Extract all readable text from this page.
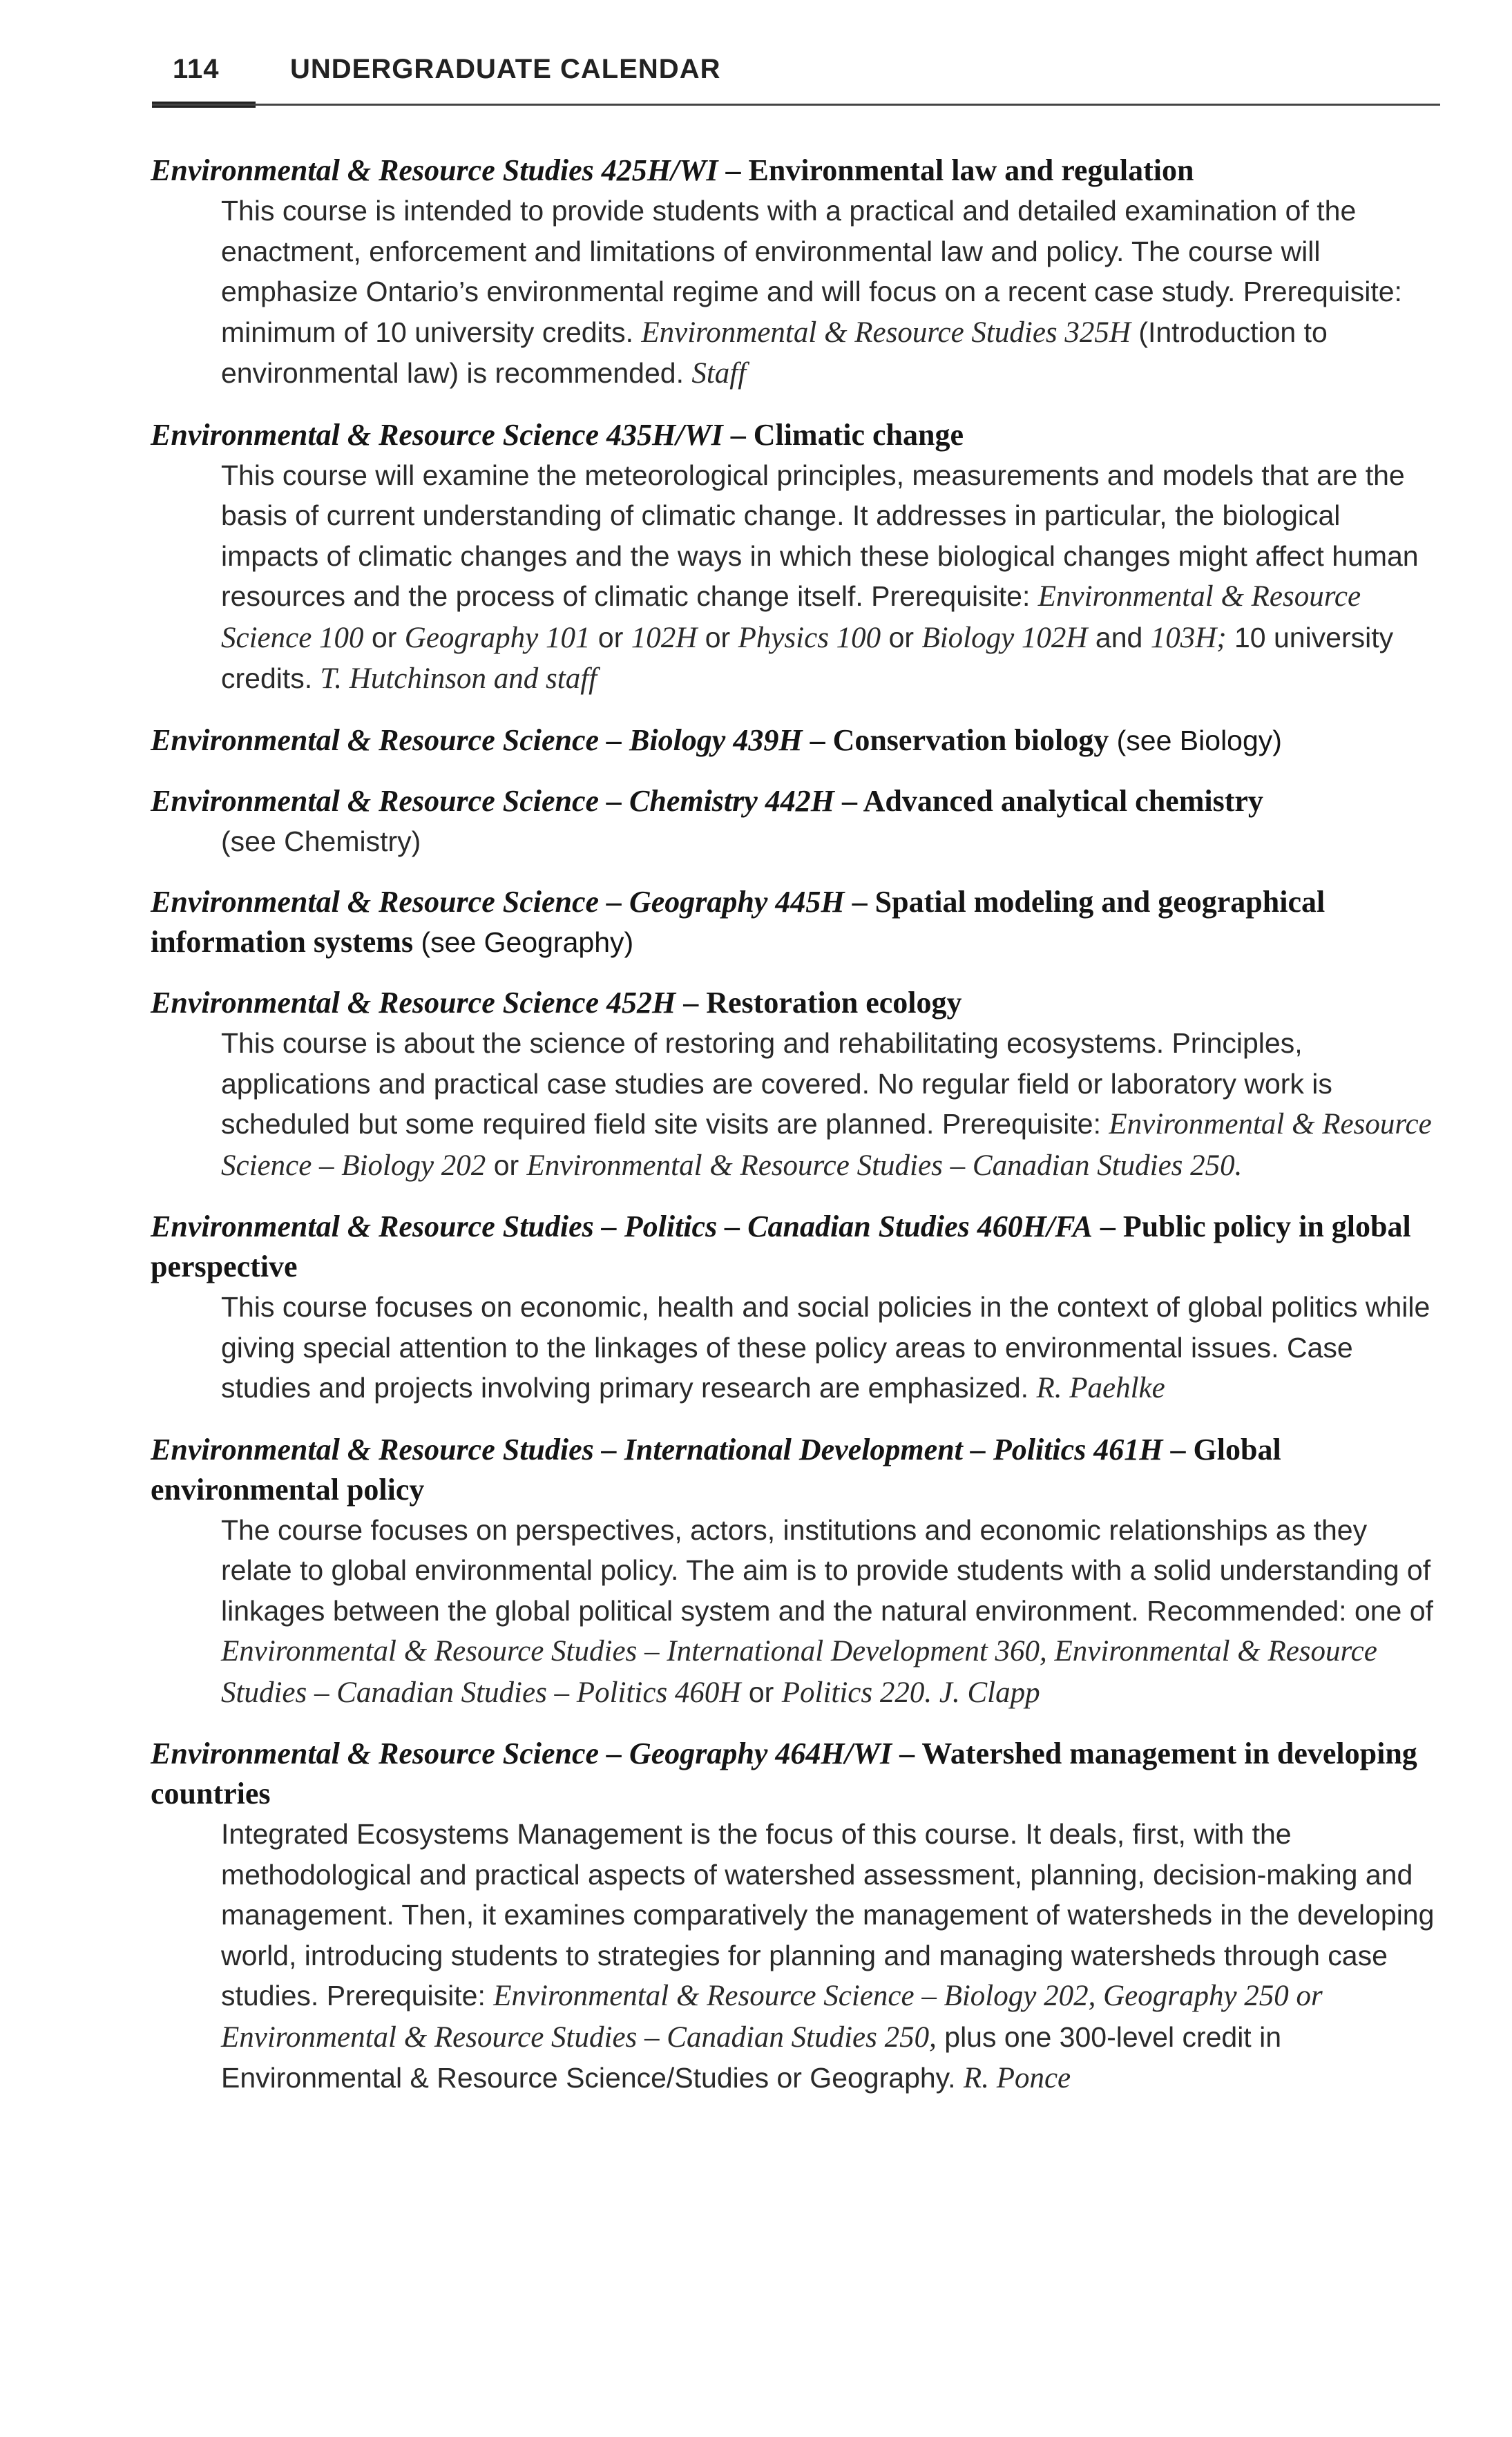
114	UNDERGRADUATE CALENDAR
Environmental & Resource Studies 425H/WI – Environmental law and regulation
This course is intended to provide students with a practical and detailed examination of the enactment, enforcement and limitations of environmental law and policy. The course will emphasize Ontario’s environmental regime and will focus on a recent case study. Prerequisite: minimum of 10 university credits. Environmental & Resource Studies 325H (Introduction to environmental law) is recommended. Staff
Environmental & Resource Science 435H/WI – Climatic change
This course will examine the meteorological principles, measurements and models that are the basis of current understanding of climatic change. It addresses in particular, the biological impacts of climatic changes and the ways in which these biological changes might affect human resources and the process of climatic change itself. Prerequisite: Environmental & Resource Science 100 or Geography 101 or 102H or Physics 100 or Biology 102H and 103H; 10 university credits. T. Hutchinson and staff
Environmental & Resource Science – Biology 439H – Conservation biology (see Biology)
Environmental & Resource Science – Chemistry 442H – Advanced analytical chemistry
(see Chemistry)
Environmental & Resource Science – Geography 445H – Spatial modeling and geographical information systems (see Geography)
Environmental & Resource Science 452H – Restoration ecology
This course is about the science of restoring and rehabilitating ecosystems. Principles, applications and practical case studies are covered. No regular field or laboratory work is scheduled but some required field site visits are planned. Prerequisite: Environmental & Resource Science – Biology 202 or Environmental & Resource Studies – Canadian Studies 250.
Environmental & Resource Studies – Politics – Canadian Studies 460H/FA – Public policy in global perspective
This course focuses on economic, health and social policies in the context of global politics while giving special attention to the linkages of these policy areas to environmental issues. Case studies and projects involving primary research are emphasized. R. Paehlke
Environmental & Resource Studies – International Development – Politics 461H – Global environmental policy
The course focuses on perspectives, actors, institutions and economic relationships as they relate to global environmental policy. The aim is to provide students with a solid understanding of linkages between the global political system and the natural environment. Recommended: one of Environmental & Resource Studies – International Development 360, Environmental & Resource Studies – Canadian Studies – Politics 460H or Politics 220. J. Clapp
Environmental & Resource Science – Geography 464H/WI – Watershed management in developing countries
Integrated Ecosystems Management is the focus of this course. It deals, first, with the methodological and practical aspects of watershed assessment, planning, decision-making and management. Then, it examines comparatively the management of watersheds in the developing world, introducing students to strategies for planning and managing watersheds through case studies. Prerequisite: Environmental & Resource Science – Biology 202, Geography 250 or Environmental & Resource Studies – Canadian Studies 250, plus one 300-level credit in Environmental & Resource Science/Studies or Geography. R. Ponce
